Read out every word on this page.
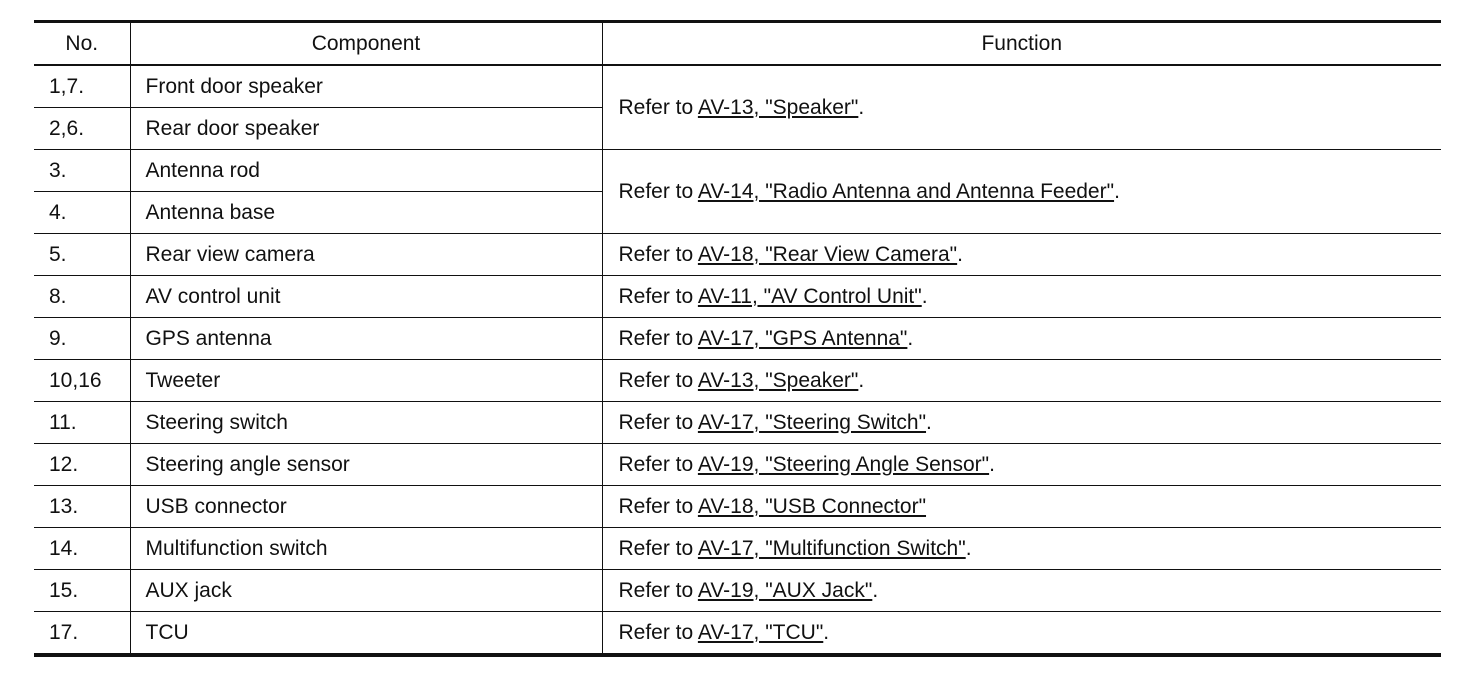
No.	Component	Function
1,7.	Front door speaker	Refer to AV-13, "Speaker".
2,6.	Rear door speaker	
3.	Antenna rod	Refer to AV-14, "Radio Antenna and Antenna Feeder".
4.	Antenna base	
5.	Rear view camera	Refer to AV-18, "Rear View Camera".
8.	AV control unit	Refer to AV-11, "AV Control Unit".
9.	GPS antenna	Refer to AV-17, "GPS Antenna".
10,16	Tweeter	Refer to AV-13, "Speaker".
11.	Steering switch	Refer to AV-17, "Steering Switch".
12.	Steering angle sensor	Refer to AV-19, "Steering Angle Sensor".
13.	USB connector	Refer to AV-18, "USB Connector"
14.	Multifunction switch	Refer to AV-17, "Multifunction Switch".
15.	AUX jack	Refer to AV-19, "AUX Jack".
17.	TCU	Refer to AV-17, "TCU".
